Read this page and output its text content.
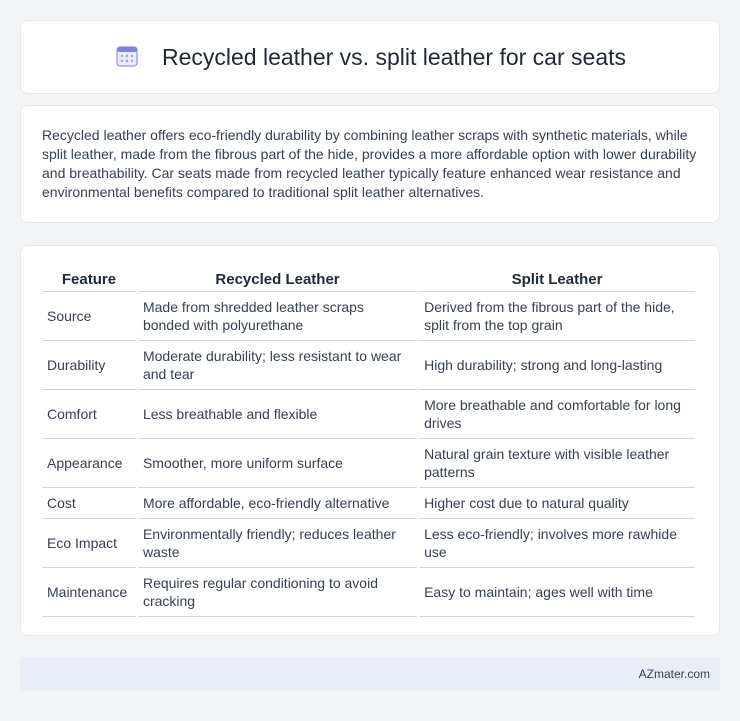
Recycled leather vs. split leather for car seats

Recycled leather offers eco-friendly durability by combining leather scraps with synthetic materials, while split leather, made from the fibrous part of the hide, provides a more affordable option with lower durability and breathability. Car seats made from recycled leather typically feature enhanced wear resistance and environmental benefits compared to traditional split leather alternatives.

Feature	Recycled Leather	Split Leather
Source	Made from shredded leather scraps bonded with polyurethane	Derived from the fibrous part of the hide, split from the top grain
Durability	Moderate durability; less resistant to wear and tear	High durability; strong and long-lasting
Comfort	Less breathable and flexible	More breathable and comfortable for long drives
Appearance	Smoother, more uniform surface	Natural grain texture with visible leather patterns
Cost	More affordable, eco-friendly alternative	Higher cost due to natural quality
Eco Impact	Environmentally friendly; reduces leather waste	Less eco-friendly; involves more rawhide use
Maintenance	Requires regular conditioning to avoid cracking	Easy to maintain; ages well with time
AZmater.com
